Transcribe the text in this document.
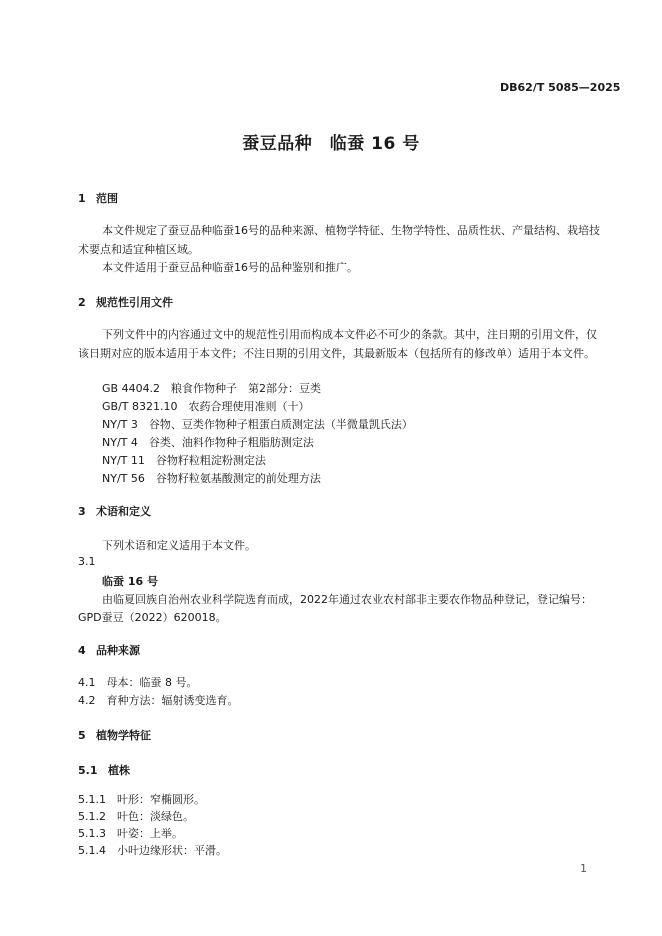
DB62/T 5085—2025
蚕豆品种　临蚕 16 号
1 范围
本文件规定了蚕豆品种临蚕16号的品种来源、植物学特征、生物学特性、品质性状、产量结构、栽培技术要点和适宜种植区域。
本文件适用于蚕豆品种临蚕16号的品种鉴别和推广。
2 规范性引用文件
下列文件中的内容通过文中的规范性引用而构成本文件必不可少的条款。其中，注日期的引用文件，仅该日期对应的版本适用于本文件；不注日期的引用文件，其最新版本（包括所有的修改单）适用于本文件。
GB 4404.2　粮食作物种子　第2部分：豆类
GB/T 8321.10　农药合理使用准则（十）
NY/T 3　谷物、豆类作物种子粗蛋白质测定法（半微量凯氏法）
NY/T 4　谷类、油料作物种子粗脂肪测定法
NY/T 11　谷物籽粒粗淀粉测定法
NY/T 56　谷物籽粒氨基酸测定的前处理方法
3 术语和定义
下列术语和定义适用于本文件。
3.1
临蚕 16 号
由临夏回族自治州农业科学院选育而成，2022年通过农业农村部非主要农作物品种登记，登记编号：
GPD蚕豆（2022）620018。
4 品种来源
4.1　母本：临蚕 8 号。
4.2　育种方法：辐射诱变选育。
5 植物学特征
5.1 植株
5.1.1　叶形：窄椭圆形。
5.1.2　叶色：淡绿色。
5.1.3　叶姿：上举。
5.1.4　小叶边缘形状：平滑。
1
